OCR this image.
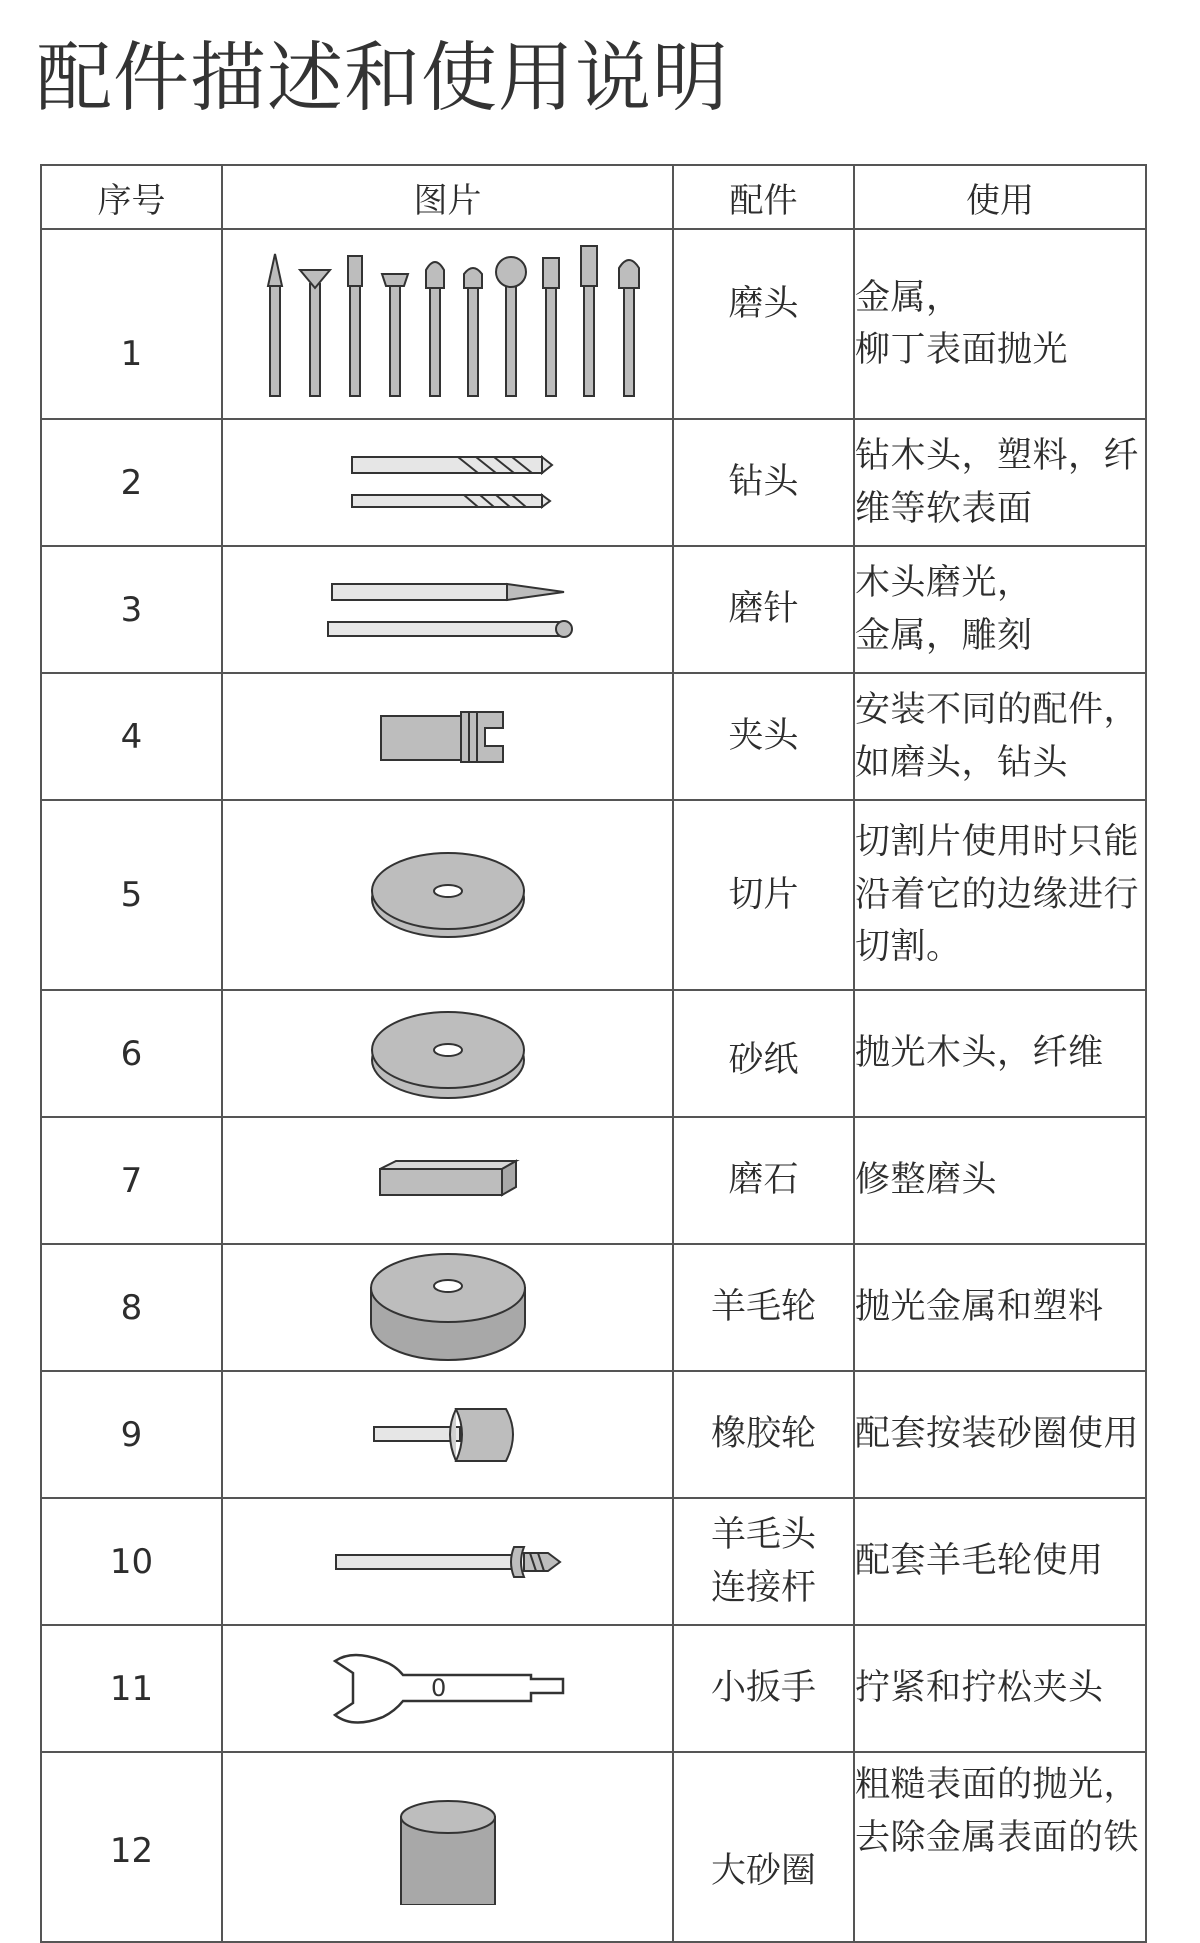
配件描述和使用说明
序号	图片	配件	使用
1		磨头	金属，
柳丁表面抛光

2		钻头	钻木头，塑料，纤
维等软表面

3		磨针	木头磨光，
金属，雕刻

4		夹头	安装不同的配件，
如磨头，钻头

5		切片	切割片使用时只能
沿着它的边缘进行
切割。

6		砂纸	抛光木头，纤维

7		磨石	修整磨头

8		羊毛轮	抛光金属和塑料

9		橡胶轮	配套按装砂圈使用

10		羊毛头
连接杆	配套羊毛轮使用

11	0	小扳手	拧紧和拧松夹头

12		大砂圈	粗糙表面的抛光，
去除金属表面的铁
